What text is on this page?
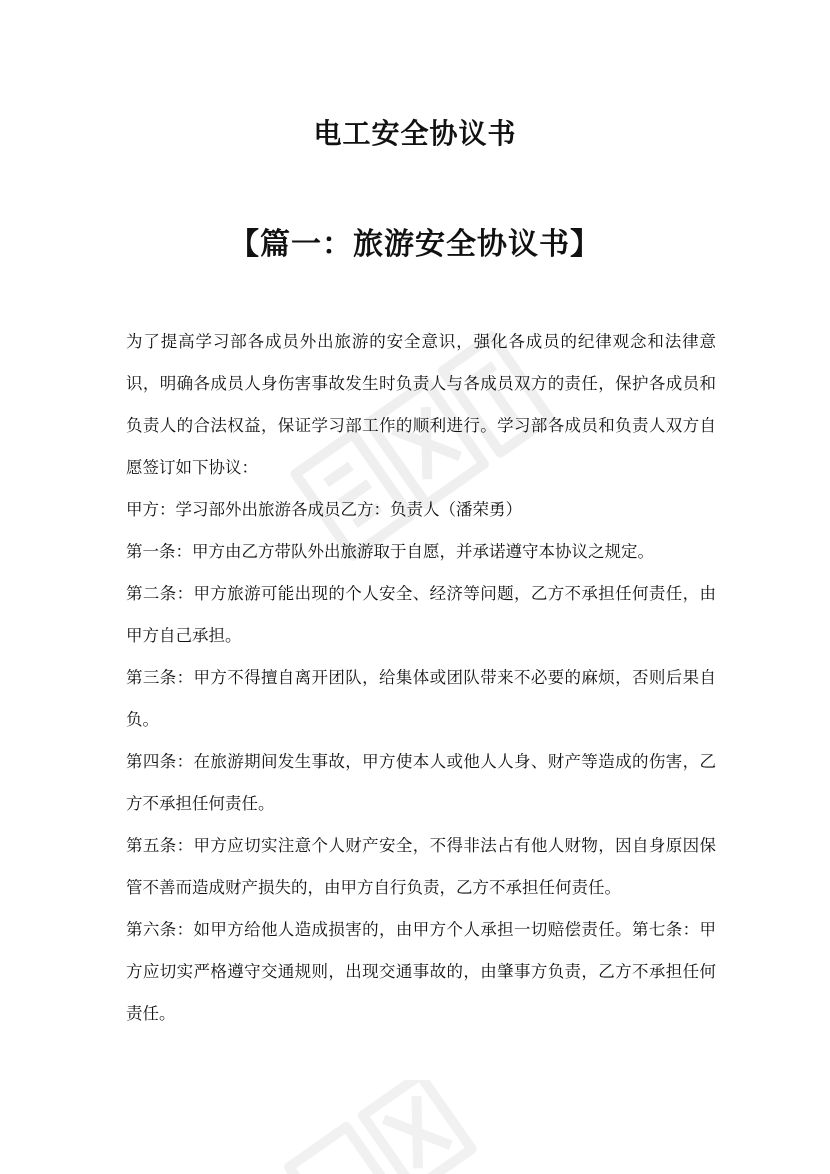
电工安全协议书
【篇一：旅游安全协议书】

为了提高学习部各成员外出旅游的安全意识，强化各成员的纪律观念和法律意识，明确各成员人身伤害事故发生时负责人与各成员双方的责任，保护各成员和负责人的合法权益，保证学习部工作的顺利进行。学习部各成员和负责人双方自愿签订如下协议：

甲方：学习部外出旅游各成员乙方：负责人（潘荣勇）

第一条：甲方由乙方带队外出旅游取于自愿，并承诺遵守本协议之规定。

第二条：甲方旅游可能出现的个人安全、经济等问题，乙方不承担任何责任，由甲方自己承担。

第三条：甲方不得擅自离开团队，给集体或团队带来不必要的麻烦，否则后果自负。

第四条：在旅游期间发生事故，甲方使本人或他人人身、财产等造成的伤害，乙方不承担任何责任。

第五条：甲方应切实注意个人财产安全，不得非法占有他人财物，因自身原因保管不善而造成财产损失的，由甲方自行负责，乙方不承担任何责任。

第六条：如甲方给他人造成损害的，由甲方个人承担一切赔偿责任。第七条：甲方应切实严格遵守交通规则，出现交通事故的，由肇事方负责，乙方不承担任何责任。
